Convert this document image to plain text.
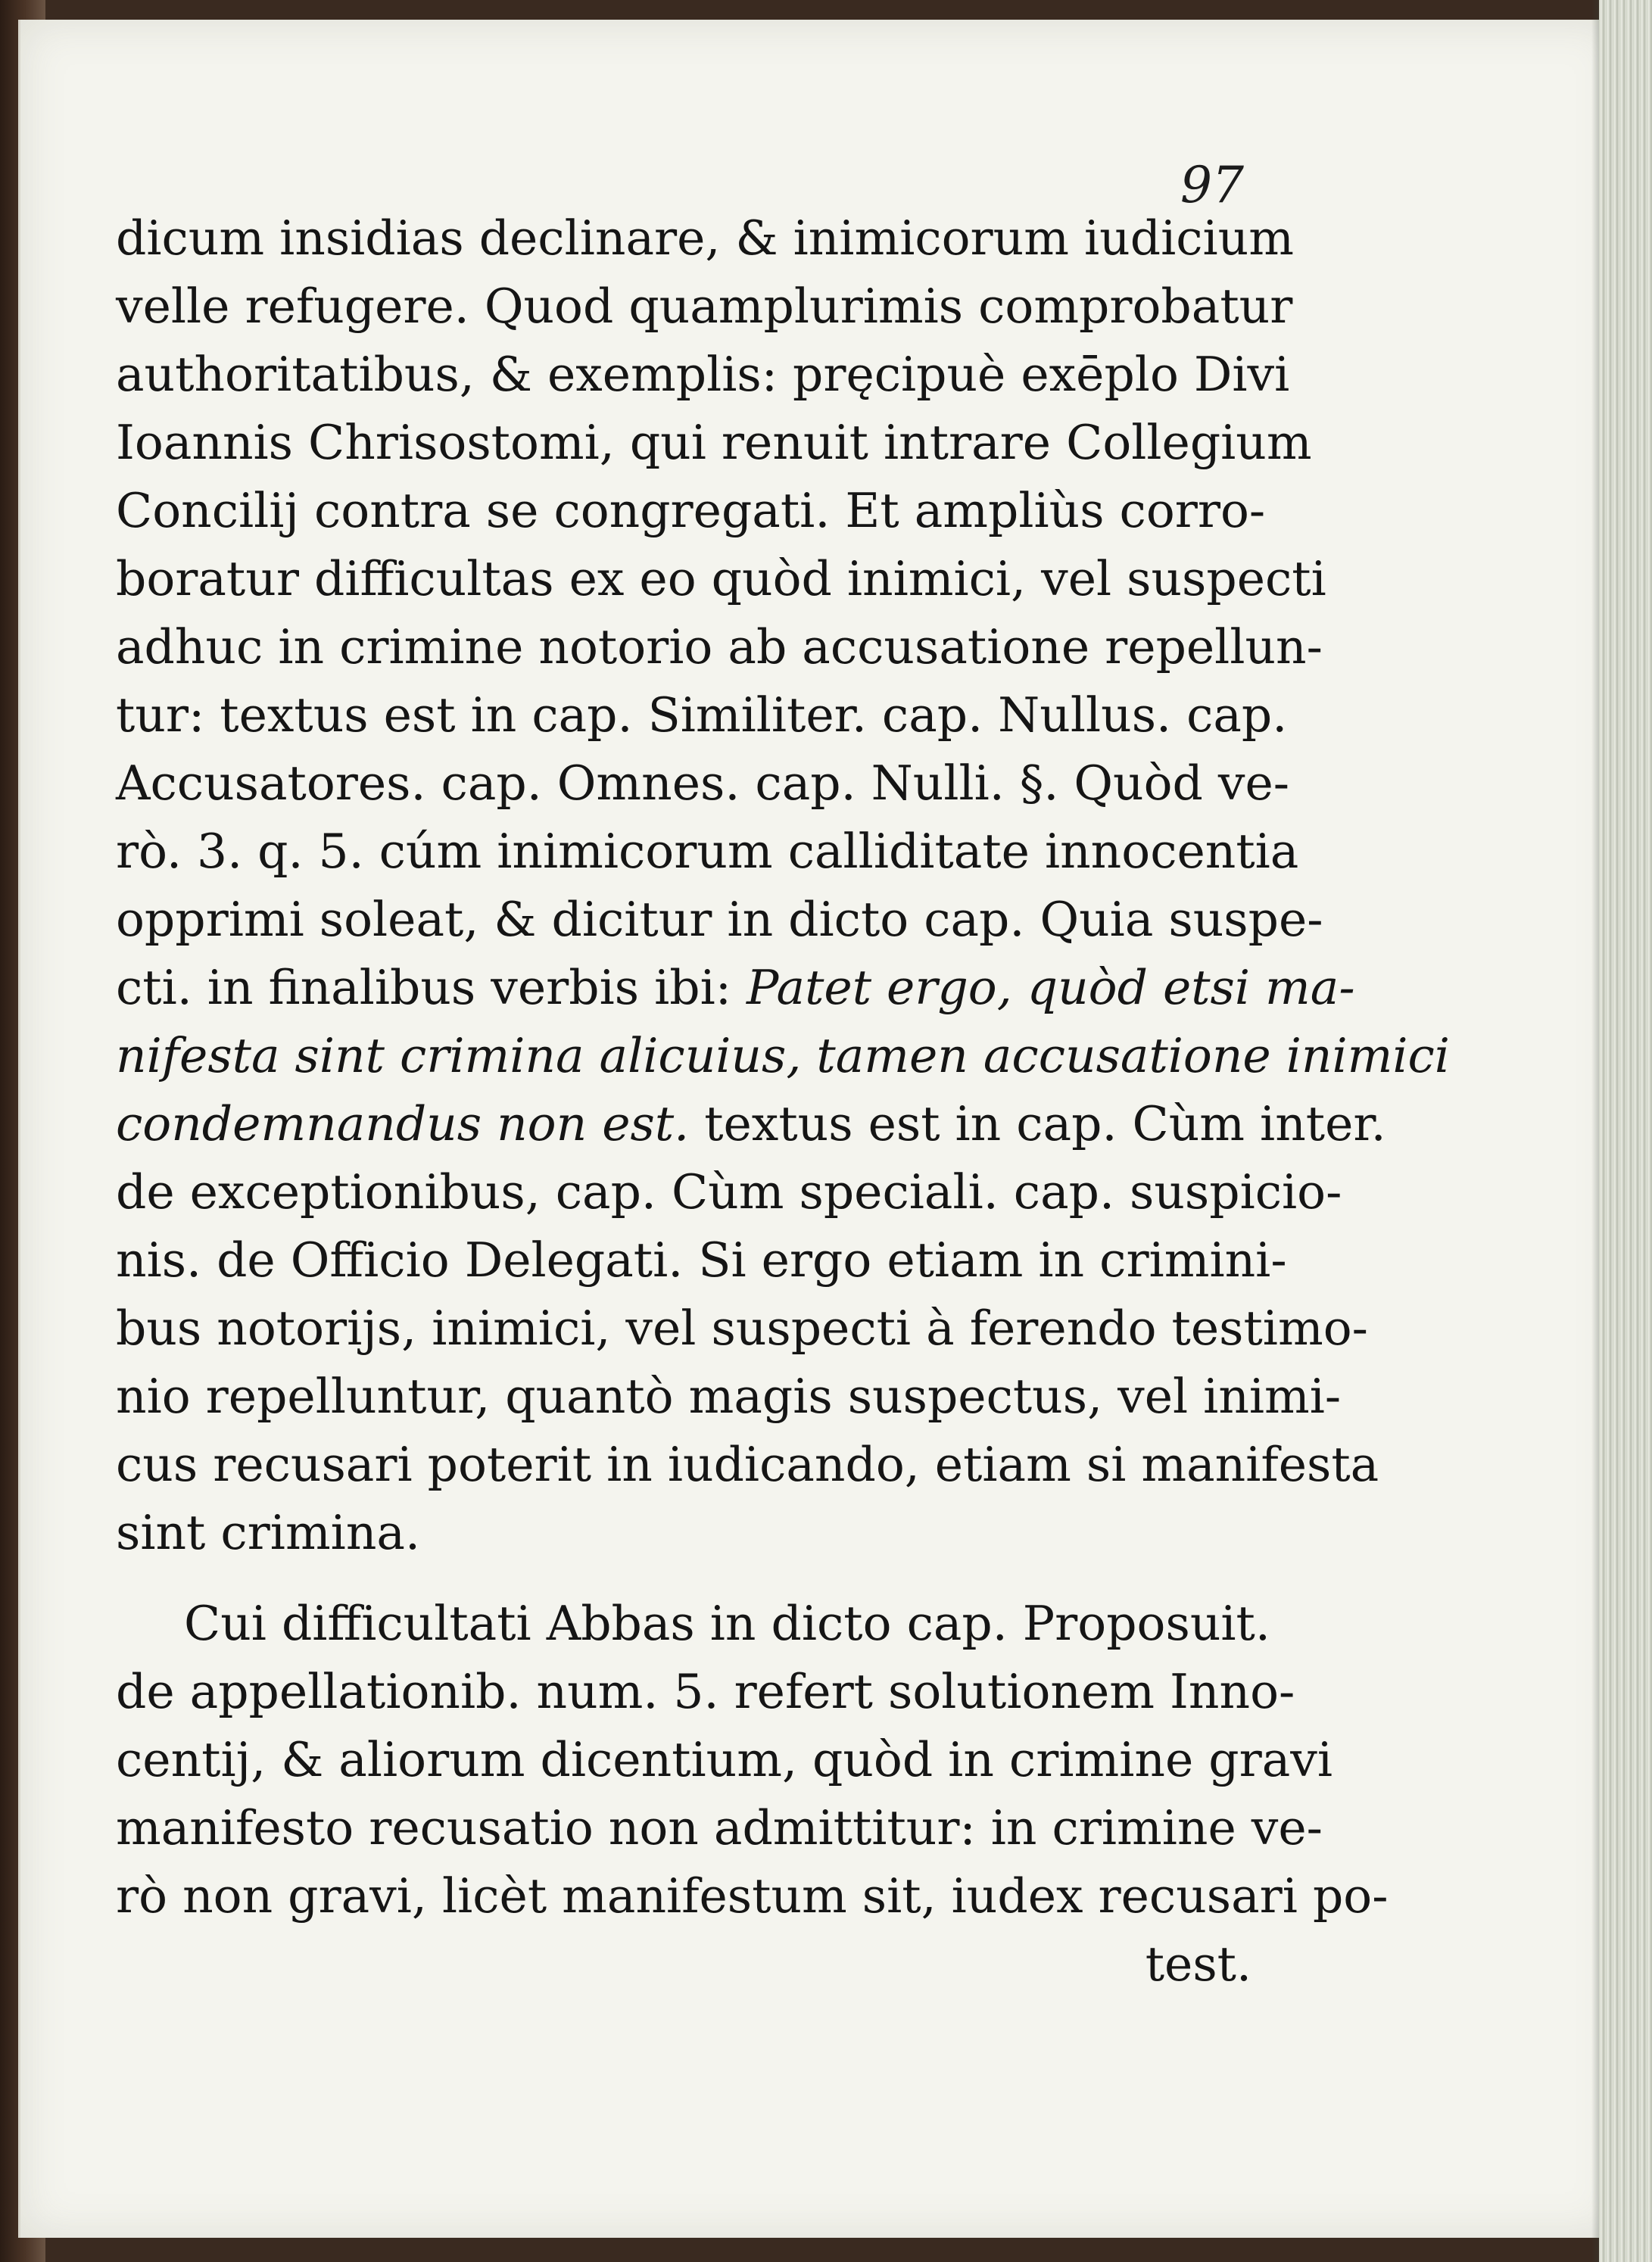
97
dicum insidias declinare, & inimicorum iudicium
velle refugere. Quod quamplurimis comprobatur
authoritatibus, & exemplis: pręcipuè exēplo Divi
Ioannis Chrisostomi, qui renuit intrare Collegium
Concilij contra se congregati. Et ampliùs corro-
boratur difficultas ex eo quòd inimici, vel suspecti
adhuc in crimine notorio ab accusatione repellun-
tur: textus est in cap. Similiter. cap. Nullus. cap.
Accusatores. cap. Omnes. cap. Nulli. §. Quòd ve-
rò. 3. q. 5. cúm inimicorum calliditate innocentia
opprimi soleat, & dicitur in dicto cap. Quia suspe-
cti. in finalibus verbis ibi: Patet ergo, quòd etsi ma-
nifesta sint crimina alicuius, tamen accusatione inimici
condemnandus non est. textus est in cap. Cùm inter.
de exceptionibus, cap. Cùm speciali. cap. suspicio-
nis. de Officio Delegati. Si ergo etiam in crimini-
bus notorijs, inimici, vel suspecti à ferendo testimo-
nio repelluntur, quantò magis suspectus, vel inimi-
cus recusari poterit in iudicando, etiam si manifesta
sint crimina.
Cui difficultati Abbas in dicto cap. Proposuit.
de appellationib. num. 5. refert solutionem Inno-
centij, & aliorum dicentium, quòd in crimine gravi
manifesto recusatio non admittitur: in crimine ve-
rò non gravi, licèt manifestum sit, iudex recusari po-
test.
